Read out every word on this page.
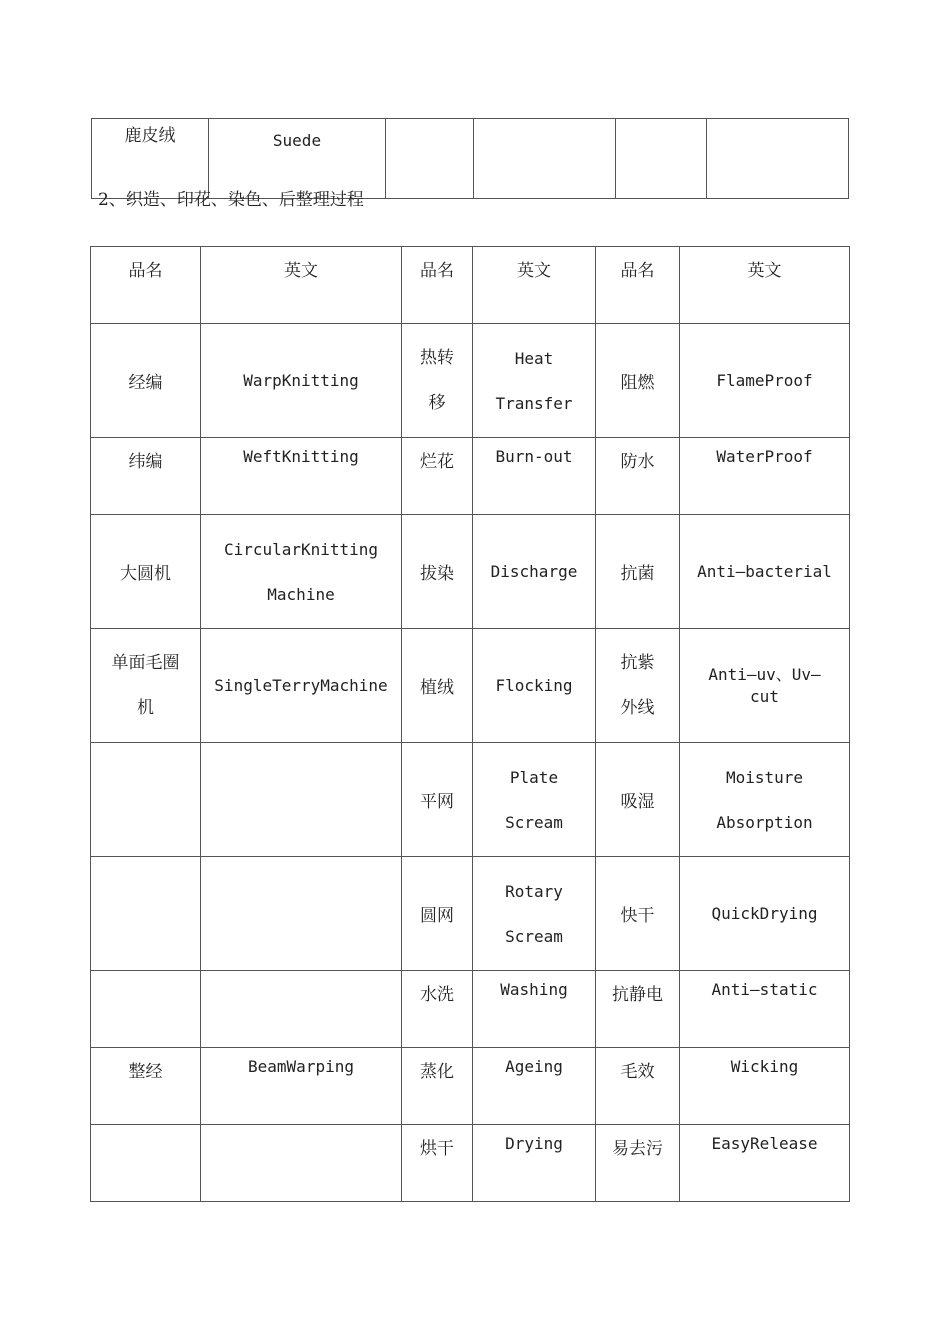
鹿皮绒	Suede				
2、织造、印花、染色、后整理过程
品名	英文	品名	英文	品名	英文
经编	WarpKnitting	热转移	Heat Transfer	阻燃	FlameProof
纬编	WeftKnitting	烂花	Burn-out	防水	WaterProof
大圆机	CircularKnitting Machine	拔染	Discharge	抗菌	Anti—bacterial
单面毛圈机	SingleTerryMachine	植绒	Flocking	抗紫外线	Anti—uv、Uv—cut
		平网	Plate Scream	吸湿	Moisture Absorption
		圆网	Rotary Scream	快干	QuickDrying
		水洗	Washing	抗静电	Anti—static
整经	BeamWarping	蒸化	Ageing	毛效	Wicking
		烘干	Drying	易去污	EasyRelease
